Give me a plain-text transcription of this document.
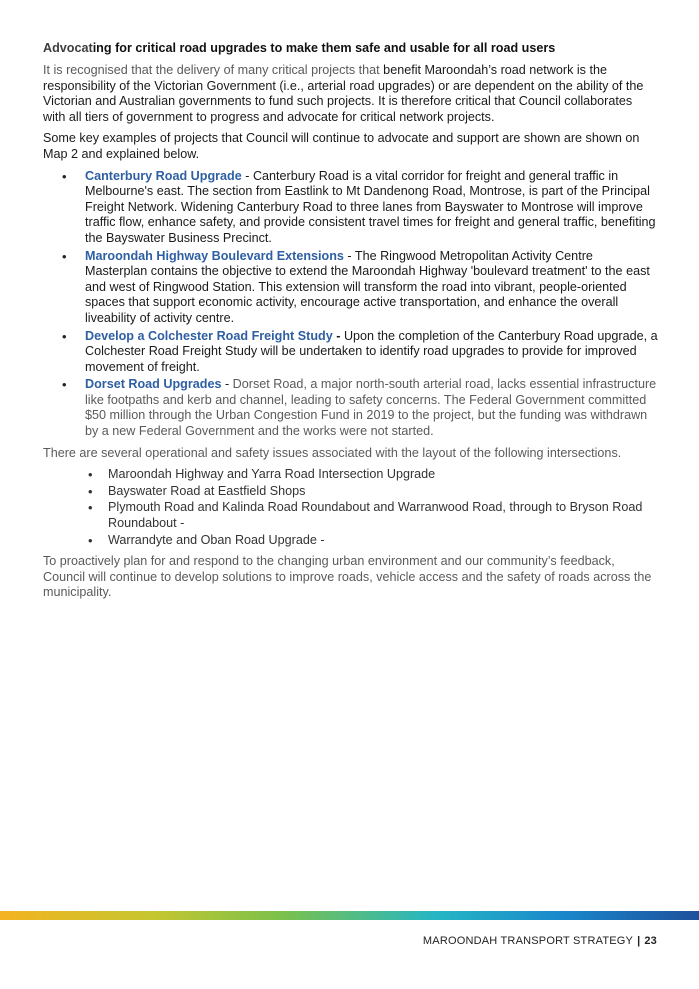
Advocating for critical road upgrades to make them safe and usable for all road users

It is recognised that the delivery of many critical projects that benefit Maroondah’s road network is the responsibility of the Victorian Government (i.e., arterial road upgrades) or are dependent on the ability of the Victorian and Australian governments to fund such projects. It is therefore critical that Council collaborates with all tiers of government to progress and advocate for critical network projects.

Some key examples of projects that Council will continue to advocate and support are shown are shown on Map 2 and explained below.

• Canterbury Road Upgrade - Canterbury Road is a vital corridor for freight and general traffic in Melbourne's east. The section from Eastlink to Mt Dandenong Road, Montrose, is part of the Principal Freight Network. Widening Canterbury Road to three lanes from Bayswater to Montrose will improve traffic flow, enhance safety, and provide consistent travel times for freight and general traffic, benefiting the Bayswater Business Precinct.
• Maroondah Highway Boulevard Extensions - The Ringwood Metropolitan Activity Centre Masterplan contains the objective to extend the Maroondah Highway 'boulevard treatment' to the east and west of Ringwood Station. This extension will transform the road into vibrant, people-oriented spaces that support economic activity, encourage active transportation, and enhance the overall liveability of activity centre.
• Develop a Colchester Road Freight Study - Upon the completion of the Canterbury Road upgrade, a Colchester Road Freight Study will be undertaken to identify road upgrades to provide for improved movement of freight.
• Dorset Road Upgrades - Dorset Road, a major north-south arterial road, lacks essential infrastructure like footpaths and kerb and channel, leading to safety concerns. The Federal Government committed $50 million through the Urban Congestion Fund in 2019 to the project, but the funding was withdrawn by a new Federal Government and the works were not started.

There are several operational and safety issues associated with the layout of the following intersections.

• Maroondah Highway and Yarra Road Intersection Upgrade
• Bayswater Road at Eastfield Shops
• Plymouth Road and Kalinda Road Roundabout and Warranwood Road, through to Bryson Road Roundabout -
• Warrandyte and Oban Road Upgrade -

To proactively plan for and respond to the changing urban environment and our community’s feedback, Council will continue to develop solutions to improve roads, vehicle access and the safety of roads across the municipality.

MAROONDAH TRANSPORT STRATEGY | 23
